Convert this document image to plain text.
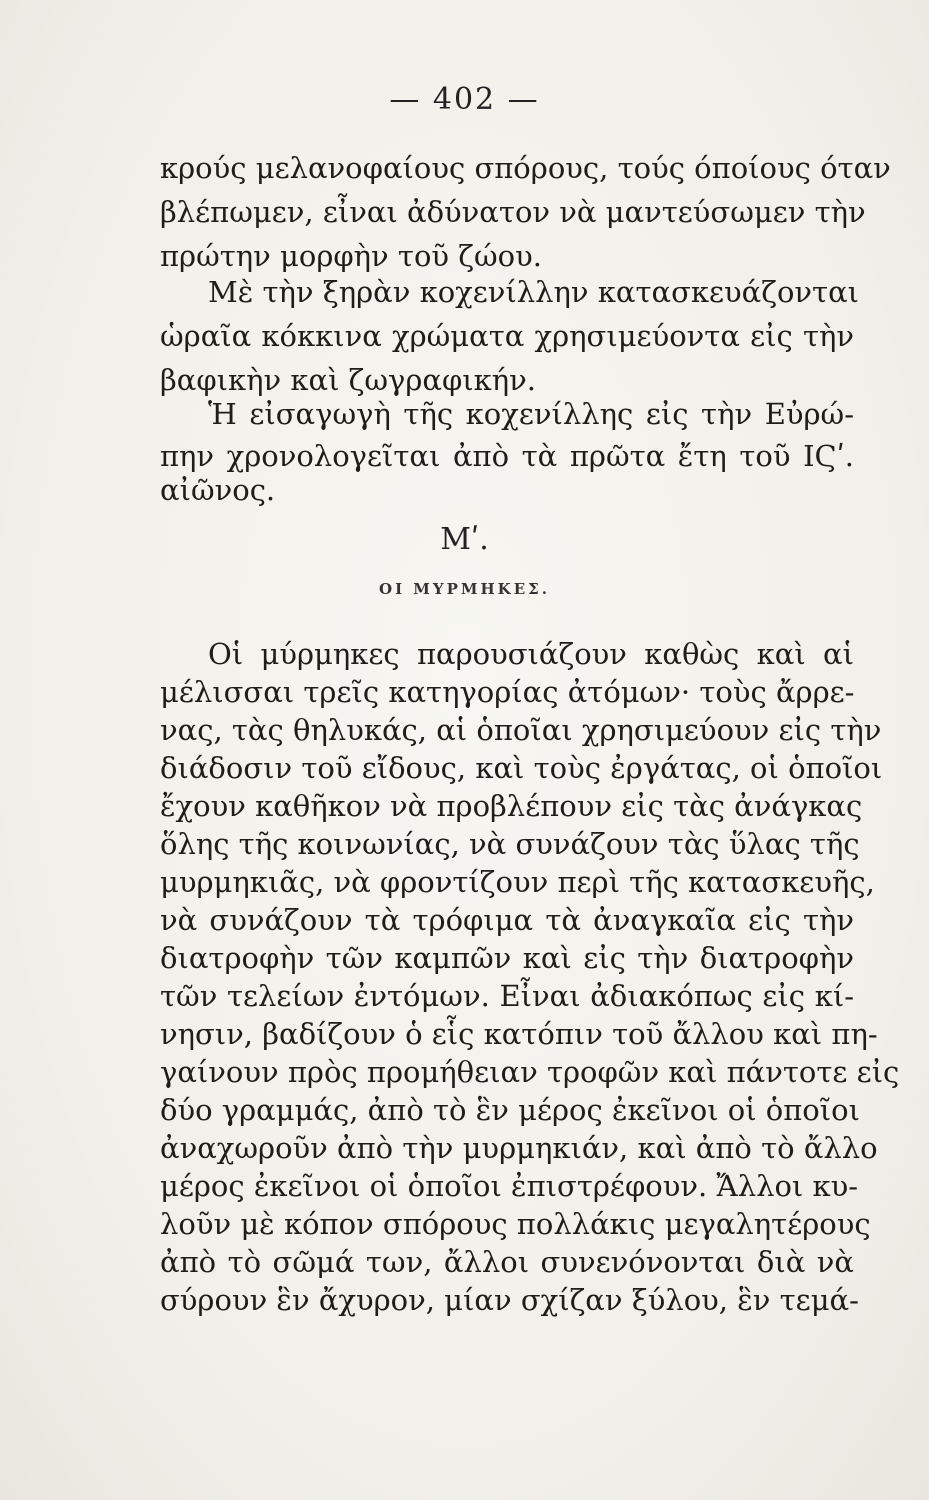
— 402 —
κρούς μελανοφαίους σπόρους, τούς όποίους όταν
βλέπωμεν, εἶναι ἀδύνατον νὰ μαντεύσωμεν τὴν
πρώτην μορφὴν τοῦ ζώου.
Μὲ τὴν ξηρὰν κοχενίλλην κατασκευάζονται
ὡραῖα κόκκινα χρώματα χρησιμεύοντα εἰς τὴν
βαφικὴν καὶ ζωγραφικήν.
Ἡ εἰσαγωγὴ τῆς κοχενίλλης εἰς τὴν Εὐρώ-
πην χρονολογεῖται ἀπὸ τὰ πρῶτα ἔτη τοῦ ΙϚʹ.
αἰῶνος.
Μʹ.
ΟΙ ΜΥΡΜΗΚΕΣ.
Οἱ μύρμηκες παρουσιάζουν καθὼς καὶ αἱ
μέλισσαι τρεῖς κατηγορίας ἀτόμων· τοὺς ἄρρε-
νας, τὰς θηλυκάς, αἱ ὁποῖαι χρησιμεύουν εἰς τὴν
διάδοσιν τοῦ εἴδους, καὶ τοὺς ἐργάτας, οἱ ὁποῖοι
ἔχουν καθῆκον νὰ προβλέπουν εἰς τὰς ἀνάγκας
ὅλης τῆς κοινωνίας, νὰ συνάζουν τὰς ὕλας τῆς
μυρμηκιᾶς, νὰ φροντίζουν περὶ τῆς κατασκευῆς,
νὰ συνάζουν τὰ τρόφιμα τὰ ἀναγκαῖα εἰς τὴν
διατροφὴν τῶν καμπῶν καὶ εἰς τὴν διατροφὴν
τῶν τελείων ἐντόμων. Εἶναι ἀδιακόπως εἰς κί-
νησιν, βαδίζουν ὁ εἷς κατόπιν τοῦ ἄλλου καὶ πη-
γαίνουν πρὸς προμήθειαν τροφῶν καὶ πάντοτε εἰς
δύο γραμμάς, ἀπὸ τὸ ἓν μέρος ἐκεῖνοι οἱ ὁποῖοι
ἀναχωροῦν ἀπὸ τὴν μυρμηκιάν, καὶ ἀπὸ τὸ ἄλλο
μέρος ἐκεῖνοι οἱ ὁποῖοι ἐπιστρέφουν. Ἄλλοι κυ-
λοῦν μὲ κόπον σπόρους πολλάκις μεγαλητέρους
ἀπὸ τὸ σῶμά των, ἄλλοι συνενόνονται διὰ νὰ
σύρουν ἓν ἄχυρον, μίαν σχίζαν ξύλου, ἓν τεμά-
